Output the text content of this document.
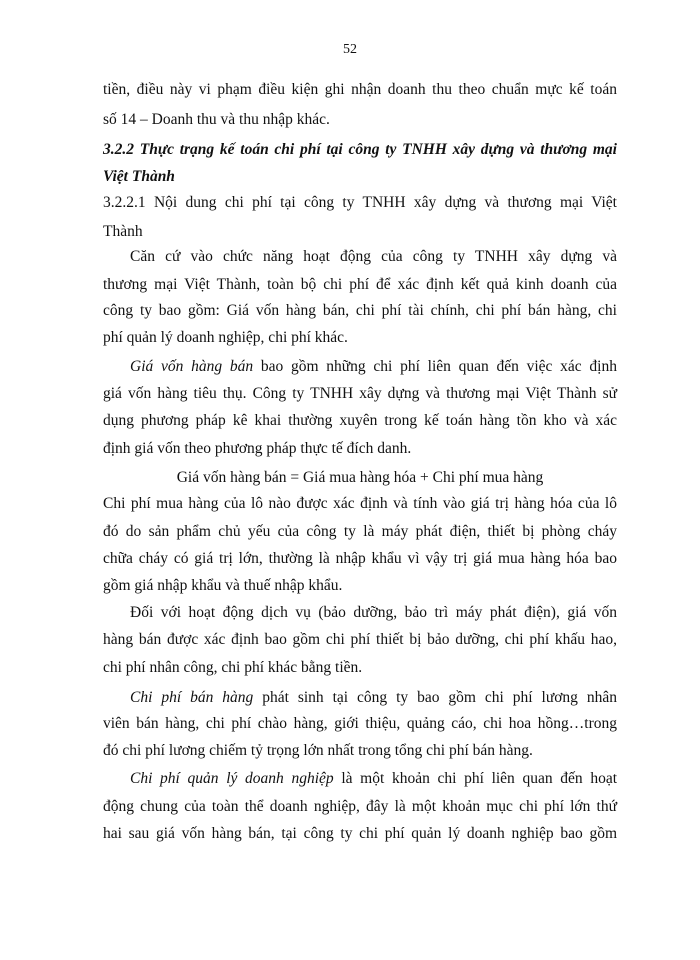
52
tiền, điều này vi phạm điều kiện ghi nhận doanh thu theo chuẩn mực kế toán
số 14 – Doanh thu và thu nhập khác.
3.2.2 Thực trạng kế toán chi phí tại công ty TNHH xây dựng và thương mại
Việt Thành
3.2.2.1 Nội dung chi phí tại công ty TNHH xây dựng và thương mại Việt
Thành
Căn cứ vào chức năng hoạt động của công ty TNHH xây dựng và
thương mại Việt Thành, toàn bộ chi phí để xác định kết quả kinh doanh của
công ty bao gồm: Giá vốn hàng bán, chi phí tài chính, chi phí bán hàng, chi
phí quản lý doanh nghiệp, chi phí khác.
Giá vốn hàng bán bao gồm những chi phí liên quan đến việc xác định
giá vốn hàng tiêu thụ. Công ty TNHH xây dựng và thương mại Việt Thành sử
dụng phương pháp kê khai thường xuyên trong kế toán hàng tồn kho và xác
định giá vốn theo phương pháp thực tế đích danh.
Giá vốn hàng bán = Giá mua hàng hóa + Chi phí mua hàng
Chi phí mua hàng của lô nào được xác định và tính vào giá trị hàng hóa của lô
đó do sản phẩm chủ yếu của công ty là máy phát điện, thiết bị phòng cháy
chữa cháy có giá trị lớn, thường là nhập khẩu vì vậy trị giá mua hàng hóa bao
gồm giá nhập khẩu và thuế nhập khẩu.
Đối với hoạt động dịch vụ (bảo dưỡng, bảo trì máy phát điện), giá vốn
hàng bán được xác định bao gồm chi phí thiết bị bảo dưỡng, chi phí khấu hao,
chi phí nhân công, chi phí khác bằng tiền.
Chi phí bán hàng phát sinh tại công ty bao gồm chi phí lương nhân
viên bán hàng, chi phí chào hàng, giới thiệu, quảng cáo, chi hoa hồng…trong
đó chi phí lương chiếm tỷ trọng lớn nhất trong tổng chi phí bán hàng.
Chi phí quản lý doanh nghiệp là một khoản chi phí liên quan đến hoạt
động chung của toàn thể doanh nghiệp, đây là một khoản mục chi phí lớn thứ
hai sau giá vốn hàng bán, tại công ty chi phí quản lý doanh nghiệp bao gồm
